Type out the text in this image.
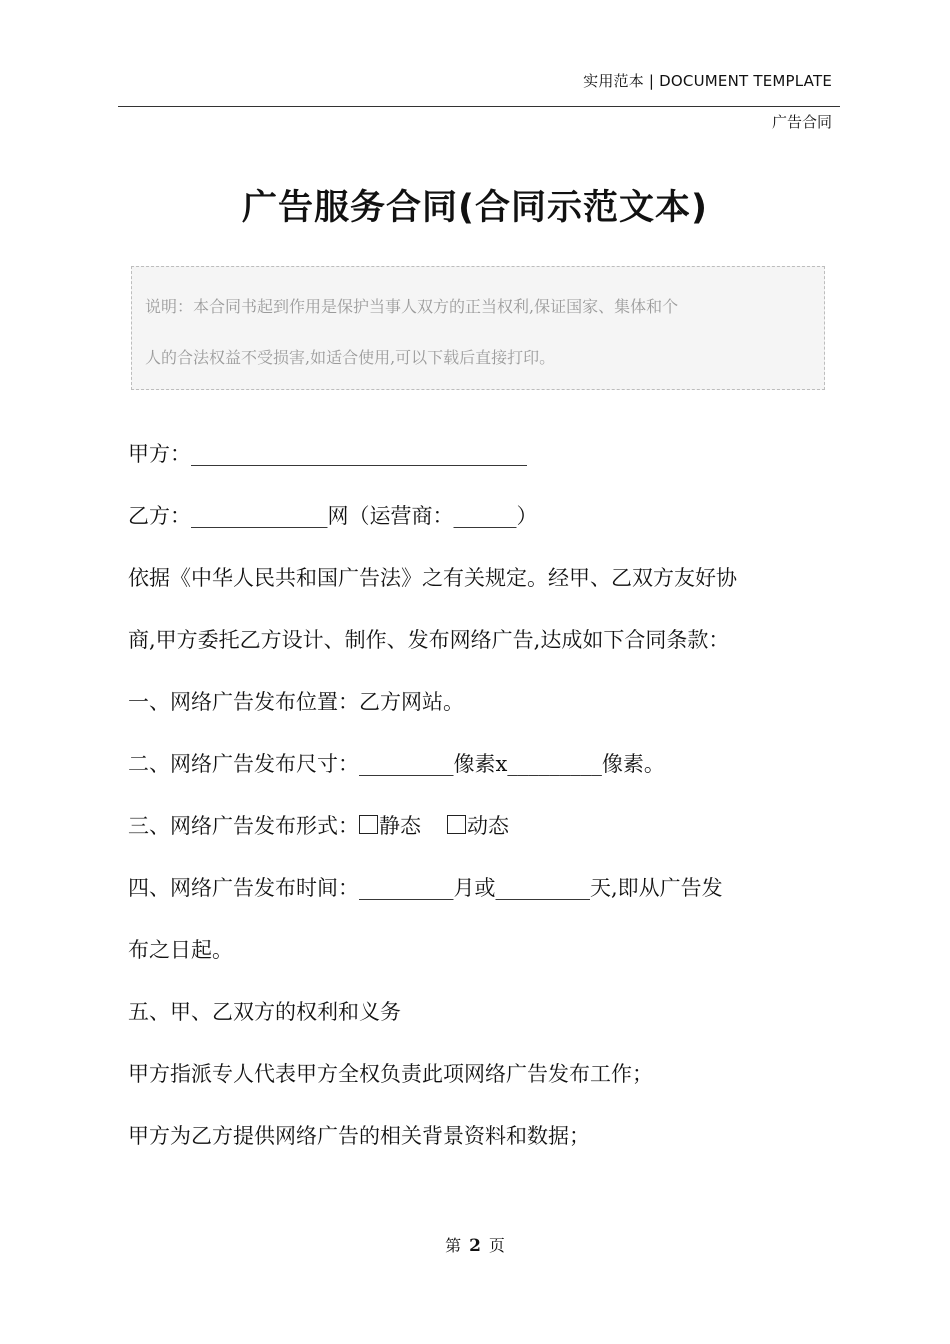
实用范本 | DOCUMENT TEMPLATE
广告合同
广告服务合同(合同示范文本)

说明：本合同书起到作用是保护当事人双方的正当权利,保证国家、集体和个

人的合法权益不受损害,如适合使用,可以下载后直接打印。

甲方：________________________________

乙方：_____________网（运营商：______）

依据《中华人民共和国广告法》之有关规定。经甲、乙双方友好协

商,甲方委托乙方设计、制作、发布网络广告,达成如下合同条款：

一、网络广告发布位置：乙方网站。

二、网络广告发布尺寸：_________像素x_________像素。

三、网络广告发布形式： 静态 动态

四、网络广告发布时间：_________月或_________天,即从广告发

布之日起。

五、甲、乙双方的权利和义务

甲方指派专人代表甲方全权负责此项网络广告发布工作；

甲方为乙方提供网络广告的相关背景资料和数据；

第 2 页
